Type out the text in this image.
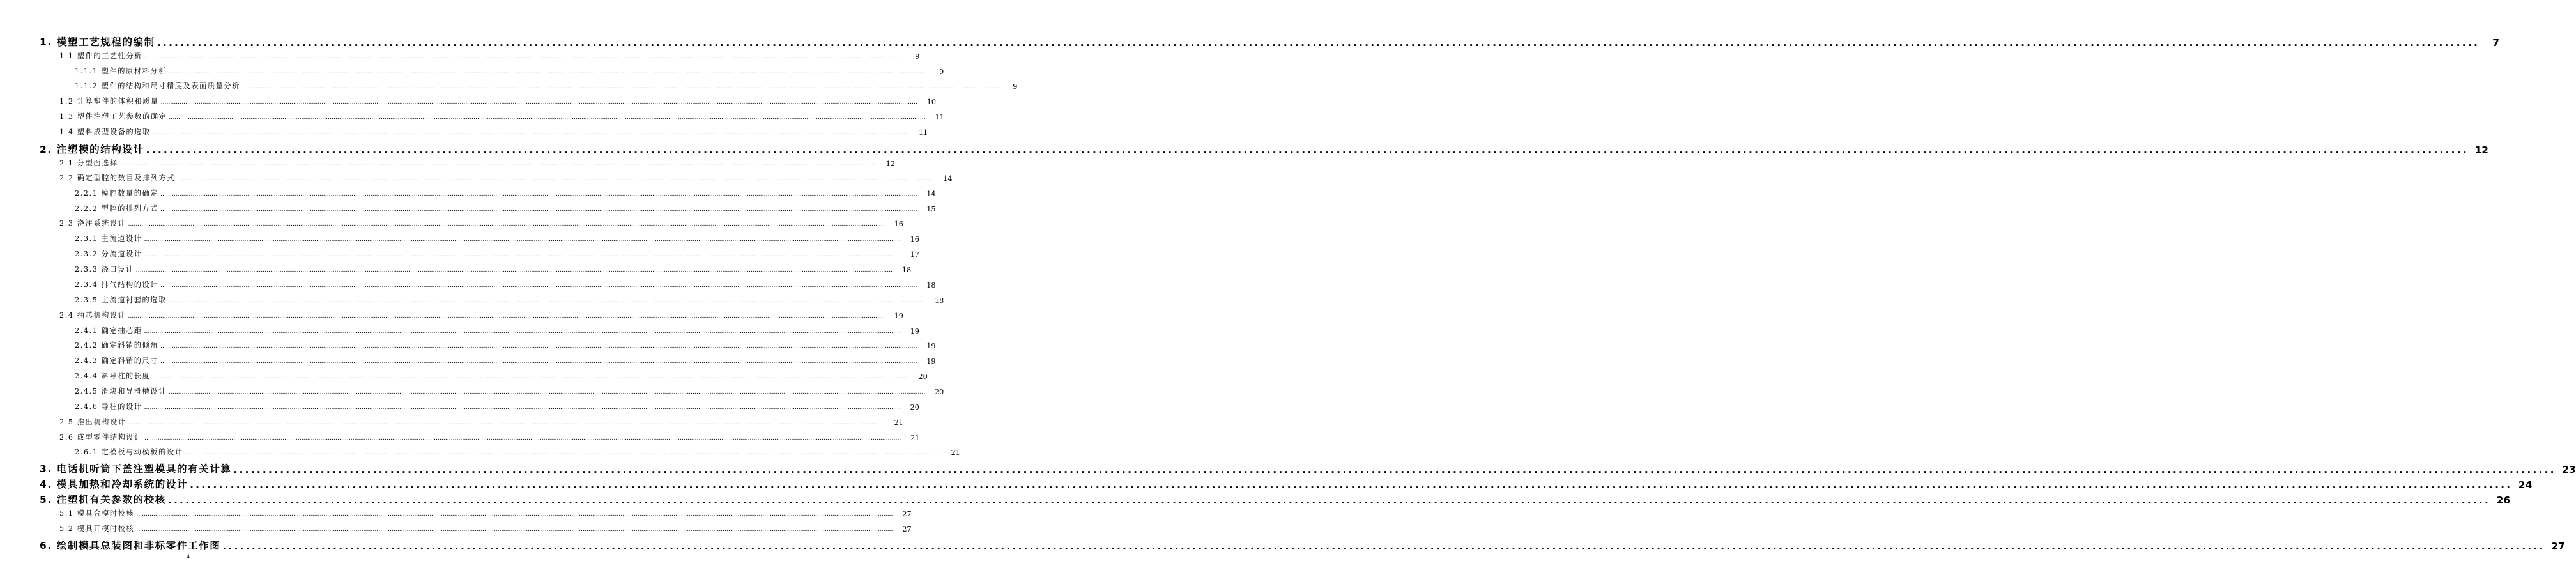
1. 模塑工艺规程的编制 ................................................................................................................................................................................................................................................................................................................................................................................................................	7
1.1 塑件的工艺性分析 ................................................................................................................................................................................................................................................................................................................................................................................................................	9
1.1.1 塑件的原材料分析 ................................................................................................................................................................................................................................................................................................................................................................................................................	9
1.1.2 塑件的结构和尺寸精度及表面质量分析 ................................................................................................................................................................................................................................................................................................................................................................................................................	9
1.2 计算塑件的体积和质量 ................................................................................................................................................................................................................................................................................................................................................................................................................	10
1.3 塑件注塑工艺参数的确定 ................................................................................................................................................................................................................................................................................................................................................................................................................	11
1.4 塑料成型设备的选取 ................................................................................................................................................................................................................................................................................................................................................................................................................	11
2. 注塑模的结构设计 ................................................................................................................................................................................................................................................................................................................................................................................................................ 12
2.1 分型面选择 ................................................................................................................................................................................................................................................................................................................................................................................................................	12
2.2 确定型腔的数目及排列方式 ................................................................................................................................................................................................................................................................................................................................................................................................................	14
2.2.1 模腔数量的确定 ................................................................................................................................................................................................................................................................................................................................................................................................................	14
2.2.2 型腔的排列方式 ................................................................................................................................................................................................................................................................................................................................................................................................................	15
2.3 浇注系统设计 ................................................................................................................................................................................................................................................................................................................................................................................................................	16
2.3.1 主流道设计 ................................................................................................................................................................................................................................................................................................................................................................................................................	16
2.3.2 分流道设计 ................................................................................................................................................................................................................................................................................................................................................................................................................	17
2.3.3 浇口设计 ................................................................................................................................................................................................................................................................................................................................................................................................................	18
2.3.4 排气结构的设计 ................................................................................................................................................................................................................................................................................................................................................................................................................	18
2.3.5 主流道衬套的选取 ................................................................................................................................................................................................................................................................................................................................................................................................................	18
2.4 抽芯机构设计 ................................................................................................................................................................................................................................................................................................................................................................................................................	19
2.4.1 确定抽芯距 ................................................................................................................................................................................................................................................................................................................................................................................................................	19
2.4.2 确定斜销的倾角 ................................................................................................................................................................................................................................................................................................................................................................................................................	19
2.4.3 确定斜销的尺寸 ................................................................................................................................................................................................................................................................................................................................................................................................................	19
2.4.4 斜导柱的长度 ................................................................................................................................................................................................................................................................................................................................................................................................................	20
2.4.5 滑块和导滑槽设计 ................................................................................................................................................................................................................................................................................................................................................................................................................	20
2.4.6 导柱的设计 ................................................................................................................................................................................................................................................................................................................................................................................................................	20
2.5 推出机构设计 ................................................................................................................................................................................................................................................................................................................................................................................................................	21
2.6 成型零件结构设计 ................................................................................................................................................................................................................................................................................................................................................................................................................	21
2.6.1 定模板与动模板的设计 ................................................................................................................................................................................................................................................................................................................................................................................................................	21
3. 电话机听筒下盖注塑模具的有关计算 ................................................................................................................................................................................................................................................................................................................................................................................................................ 23
4. 模具加热和冷却系统的设计 ................................................................................................................................................................................................................................................................................................................................................................................................................ 24
5. 注塑机有关参数的校核 ................................................................................................................................................................................................................................................................................................................................................................................................................ 26
5.1 模具合模时校核 ................................................................................................................................................................................................................................................................................................................................................................................................................	27
5.2 模具开模时校核 ................................................................................................................................................................................................................................................................................................................................................................................................................	27
6. 绘制模具总装图和非标零件工作图 ................................................................................................................................................................................................................................................................................................................................................................................................................ 27
4
